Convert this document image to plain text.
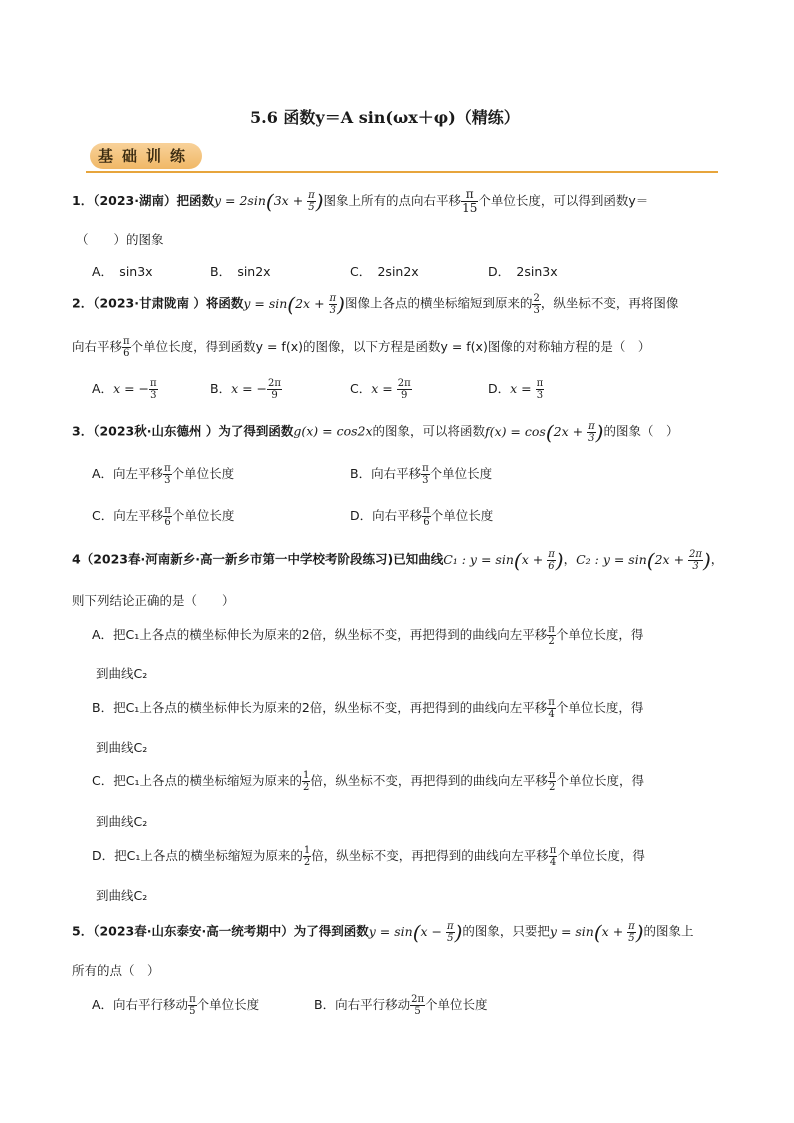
5.6 函数y＝A sin(ωx＋φ)（精练）
基础训练
1．（2023·湖南）把函数$y = 2\sin(3x + \frac{\pi}{5}$ )图象上所有的点向右平移 $\frac{\pi}{15}$ 个单位长度，可以得到函数y＝
（　　）的图象
A．　sin3x	B．　sin2x	C．　2sin2x	D．　2sin3x
2．（2023·甘肃陇南 ）将函数$y = \sin(2x + \frac{\pi}{3}$ )图像上各点的横坐标缩短到原来的 $\frac{2}{3}$ ，纵坐标不变，再将图像
向右平移 $\frac{\pi}{6}$ 个单位长度，得到函数y = f(x)的图像，以下方程是函数y = f(x)图像的对称轴方程的是（　）
A．x = − $\frac{\pi}{3}$	B．x = − $\frac{2\pi}{9}$	C．$x = \frac{2\pi}{9}$	D．$x = \frac{\pi}{3}$
3．（2023秋·山东德州 ）为了得到函数g(x) = cos2x的图象，可以将函数$f(x) = \cos(2x + \frac{\pi}{3}$ )的图象（　）
A．向左平移 $\frac{\pi}{3}$ 个单位长度	B．向右平移 $\frac{\pi}{3}$ 个单位长度
C．向左平移 $\frac{\pi}{6}$ 个单位长度	D．向右平移 $\frac{\pi}{6}$ 个单位长度
4（2023春·河南新乡·高一新乡市第一中学校考阶段练习)已知曲线C₁ : $y = \sin(x + \frac{\pi}{6}$ )，C₂ : $y = \sin(2x + \frac{2\pi}{3}$ )，
则下列结论正确的是（　　）
A．把C₁上各点的横坐标伸长为原来的2倍，纵坐标不变，再把得到的曲线向左平移 $\frac{\pi}{2}$ 个单位长度，得
到曲线C₂
B．把C₁上各点的横坐标伸长为原来的2倍，纵坐标不变，再把得到的曲线向左平移 $\frac{\pi}{4}$ 个单位长度，得
到曲线C₂
C．把C₁上各点的横坐标缩短为原来的 $\frac{1}{2}$ 倍，纵坐标不变，再把得到的曲线向左平移 $\frac{\pi}{2}$ 个单位长度，得
到曲线C₂
D．把C₁上各点的横坐标缩短为原来的 $\frac{1}{2}$ 倍，纵坐标不变，再把得到的曲线向左平移 $\frac{\pi}{4}$ 个单位长度，得
到曲线C₂
5．（2023春·山东泰安·高一统考期中）为了得到函数$y = \sin(x - \frac{\pi}{5}$ )的图象，只要把$y = \sin(x + \frac{\pi}{5}$ )的图象上
所有的点（　）
A．向右平行移动 $\frac{\pi}{5}$ 个单位长度	B．向右平行移动 $\frac{2\pi}{5}$ 个单位长度
